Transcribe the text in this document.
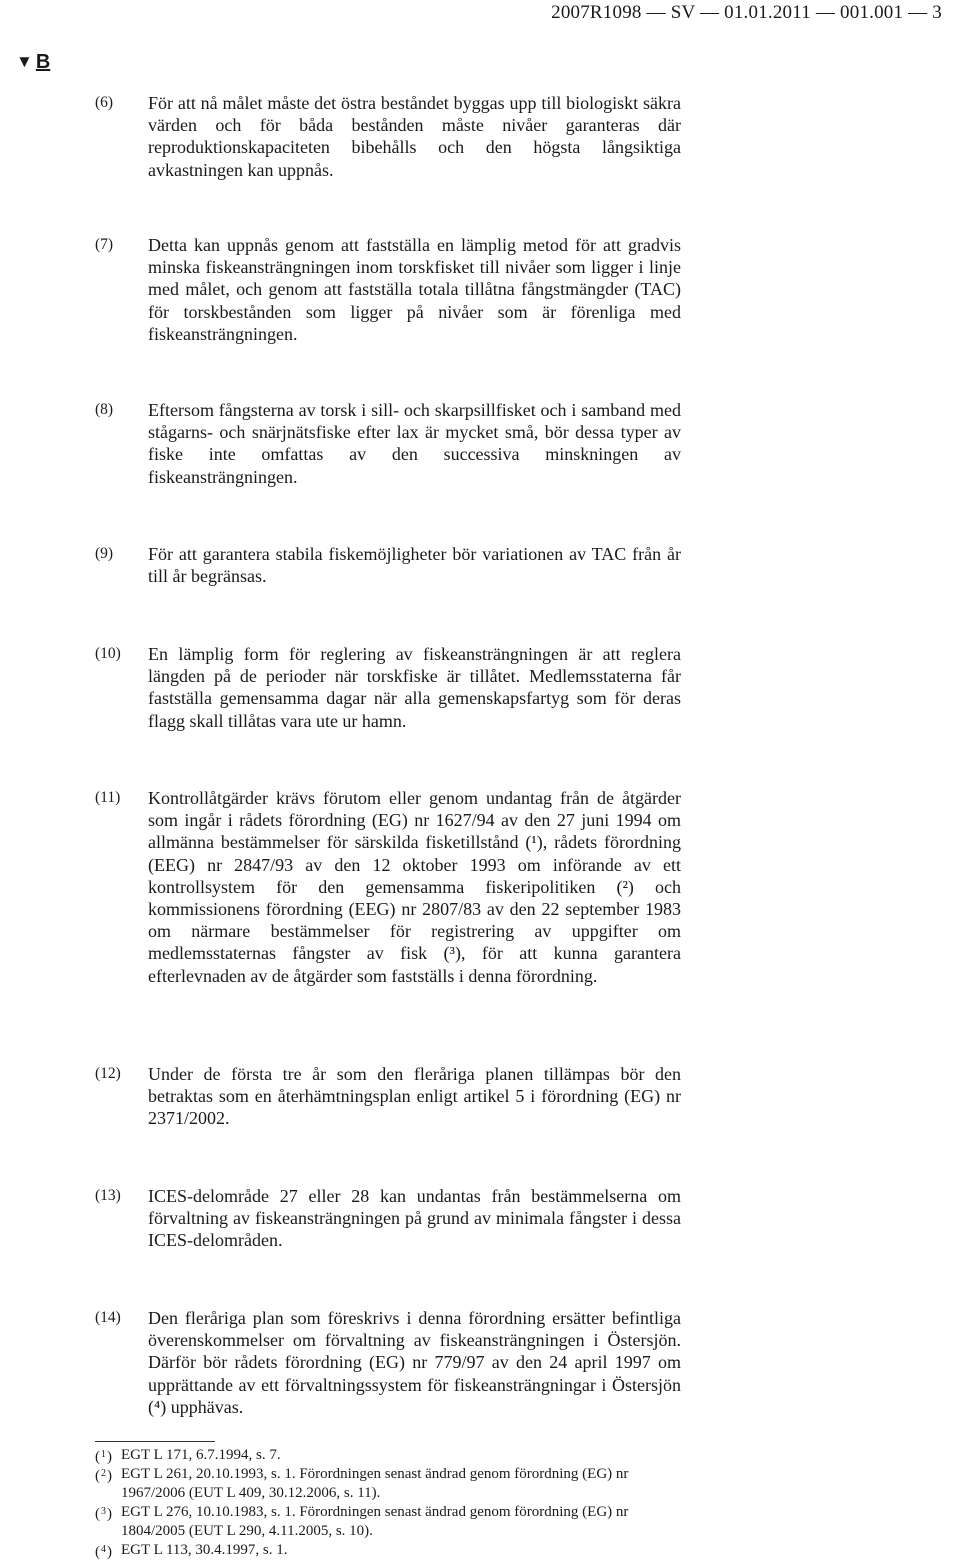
2007R1098 — SV — 01.01.2011 — 001.001 — 3
▼ B
(6) För att nå målet måste det östra beståndet byggas upp till biologiskt säkra värden och för båda bestånden måste nivåer garanteras där reproduktionskapaciteten bibehålls och den högsta långsiktiga avkastningen kan uppnås.
(7) Detta kan uppnås genom att fastställa en lämplig metod för att gradvis minska fiskeansträngningen inom torskfisket till nivåer som ligger i linje med målet, och genom att fastställa totala tillåtna fångstmängder (TAC) för torskbestånden som ligger på nivåer som är förenliga med fiskeansträngningen.
(8) Eftersom fångsterna av torsk i sill- och skarpsillfisket och i samband med stågarns- och snärjnätsfiske efter lax är mycket små, bör dessa typer av fiske inte omfattas av den successiva minskningen av fiskeansträngningen.
(9) För att garantera stabila fiskemöjligheter bör variationen av TAC från år till år begränsas.
(10) En lämplig form för reglering av fiskeansträngningen är att reglera längden på de perioder när torskfiske är tillåtet. Medlemsstaterna får fastställa gemensamma dagar när alla gemenskapsfartyg som för deras flagg skall tillåtas vara ute ur hamn.
(11) Kontrollåtgärder krävs förutom eller genom undantag från de åtgärder som ingår i rådets förordning (EG) nr 1627/94 av den 27 juni 1994 om allmänna bestämmelser för särskilda fisketillstånd (¹), rådets förordning (EEG) nr 2847/93 av den 12 oktober 1993 om införande av ett kontrollsystem för den gemensamma fiskeripolitiken (²) och kommissionens förordning (EEG) nr 2807/83 av den 22 september 1983 om närmare bestämmelser för registrering av uppgifter om medlemsstaternas fångster av fisk (³), för att kunna garantera efterlevnaden av de åtgärder som fastställs i denna förordning.
(12) Under de första tre år som den fleråriga planen tillämpas bör den betraktas som en återhämtningsplan enligt artikel 5 i förordning (EG) nr 2371/2002.
(13) ICES-delområde 27 eller 28 kan undantas från bestämmelserna om förvaltning av fiskeansträngningen på grund av minimala fångster i dessa ICES-delområden.
(14) Den fleråriga plan som föreskrivs i denna förordning ersätter befintliga överenskommelser om förvaltning av fiskeansträngningen i Östersjön. Därför bör rådets förordning (EG) nr 779/97 av den 24 april 1997 om upprättande av ett förvaltningssystem för fiskeansträngningar i Östersjön (⁴) upphävas.
($^1$) EGT L 171, 6.7.1994, s. 7.
($^2$) EGT L 261, 20.10.1993, s. 1. Förordningen senast ändrad genom förordning (EG) nr 1967/2006 (EUT L 409, 30.12.2006, s. 11).
($^3$) EGT L 276, 10.10.1983, s. 1. Förordningen senast ändrad genom förordning (EG) nr 1804/2005 (EUT L 290, 4.11.2005, s. 10).
($^4$) EGT L 113, 30.4.1997, s. 1.
